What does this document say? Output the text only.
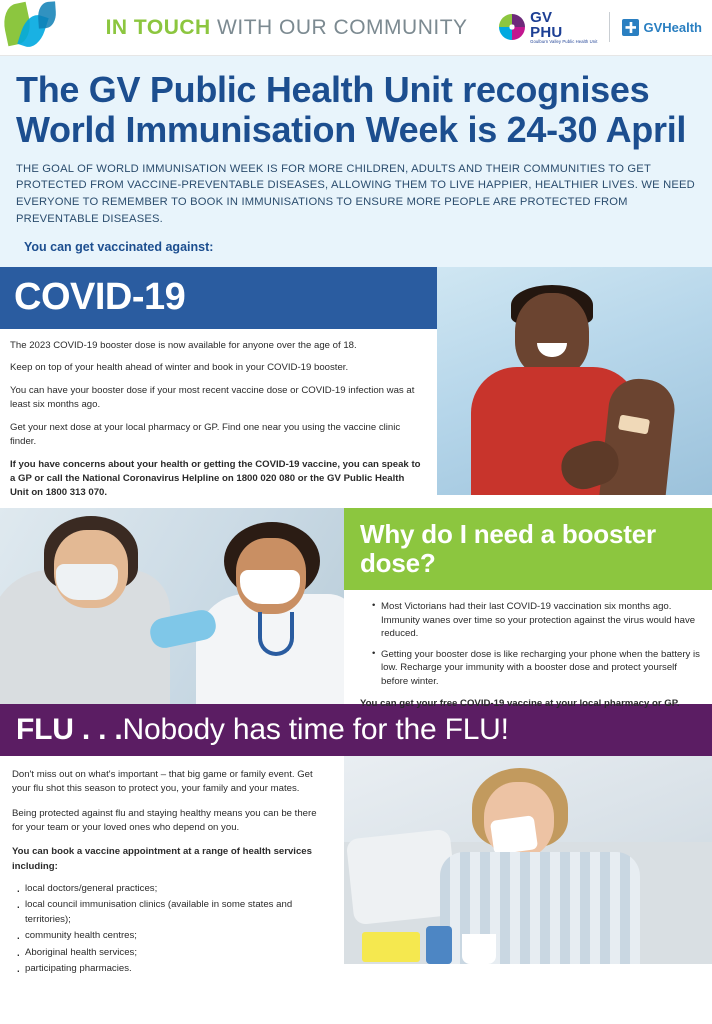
IN TOUCH WITH OUR COMMUNITY	GV
PHU
Goulburn Valley Public Health Unit
GVHealth
The GV Public Health Unit recognises World Immunisation Week is 24-30 April

THE GOAL OF WORLD IMMUNISATION WEEK IS FOR MORE CHILDREN, ADULTS AND THEIR COMMUNITIES TO GET PROTECTED FROM VACCINE-PREVENTABLE DISEASES, ALLOWING THEM TO LIVE HAPPIER, HEALTHIER LIVES. WE NEED EVERYONE TO REMEMBER TO BOOK IN IMMUNISATIONS TO ENSURE MORE PEOPLE ARE PROTECTED FROM PREVENTABLE DISEASES.

You can get vaccinated against:

COVID-19

The 2023 COVID-19 booster dose is now available for anyone over the age of 18.

Keep on top of your health ahead of winter and book in your COVID-19 booster.

You can have your booster dose if your most recent vaccine dose or COVID-19 infection was at least six months ago.

Get your next dose at your local pharmacy or GP. Find one near you using the vaccine clinic finder.

If you have concerns about your health or getting the COVID-19 vaccine, you can speak to a GP or call the National Coronavirus Helpline on 1800 020 080 or the GV Public Health Unit on 1800 313 070.

Why do I need a booster dose?
• Most Victorians had their last COVID-19 vaccination six months ago. Immunity wanes over time so your protection against the virus would have reduced.
• Getting your booster dose is like recharging your phone when the battery is low. Recharge your immunity with a booster dose and protect yourself before winter.
You can get your free COVID-19 vaccine at your local pharmacy or GP.
FLU . . . Nobody has time for the FLU!

Don't miss out on what's important – that big game or family event. Get your flu shot this season to protect you, your family and your mates.

Being protected against flu and staying healthy means you can be there for your team or your loved ones who depend on you.

You can book a vaccine appointment at a range of health services including:

· local doctors/general practices;
· local council immunisation clinics (available in some states and territories);
· community health centres;
· Aboriginal health services;
· participating pharmacies.
